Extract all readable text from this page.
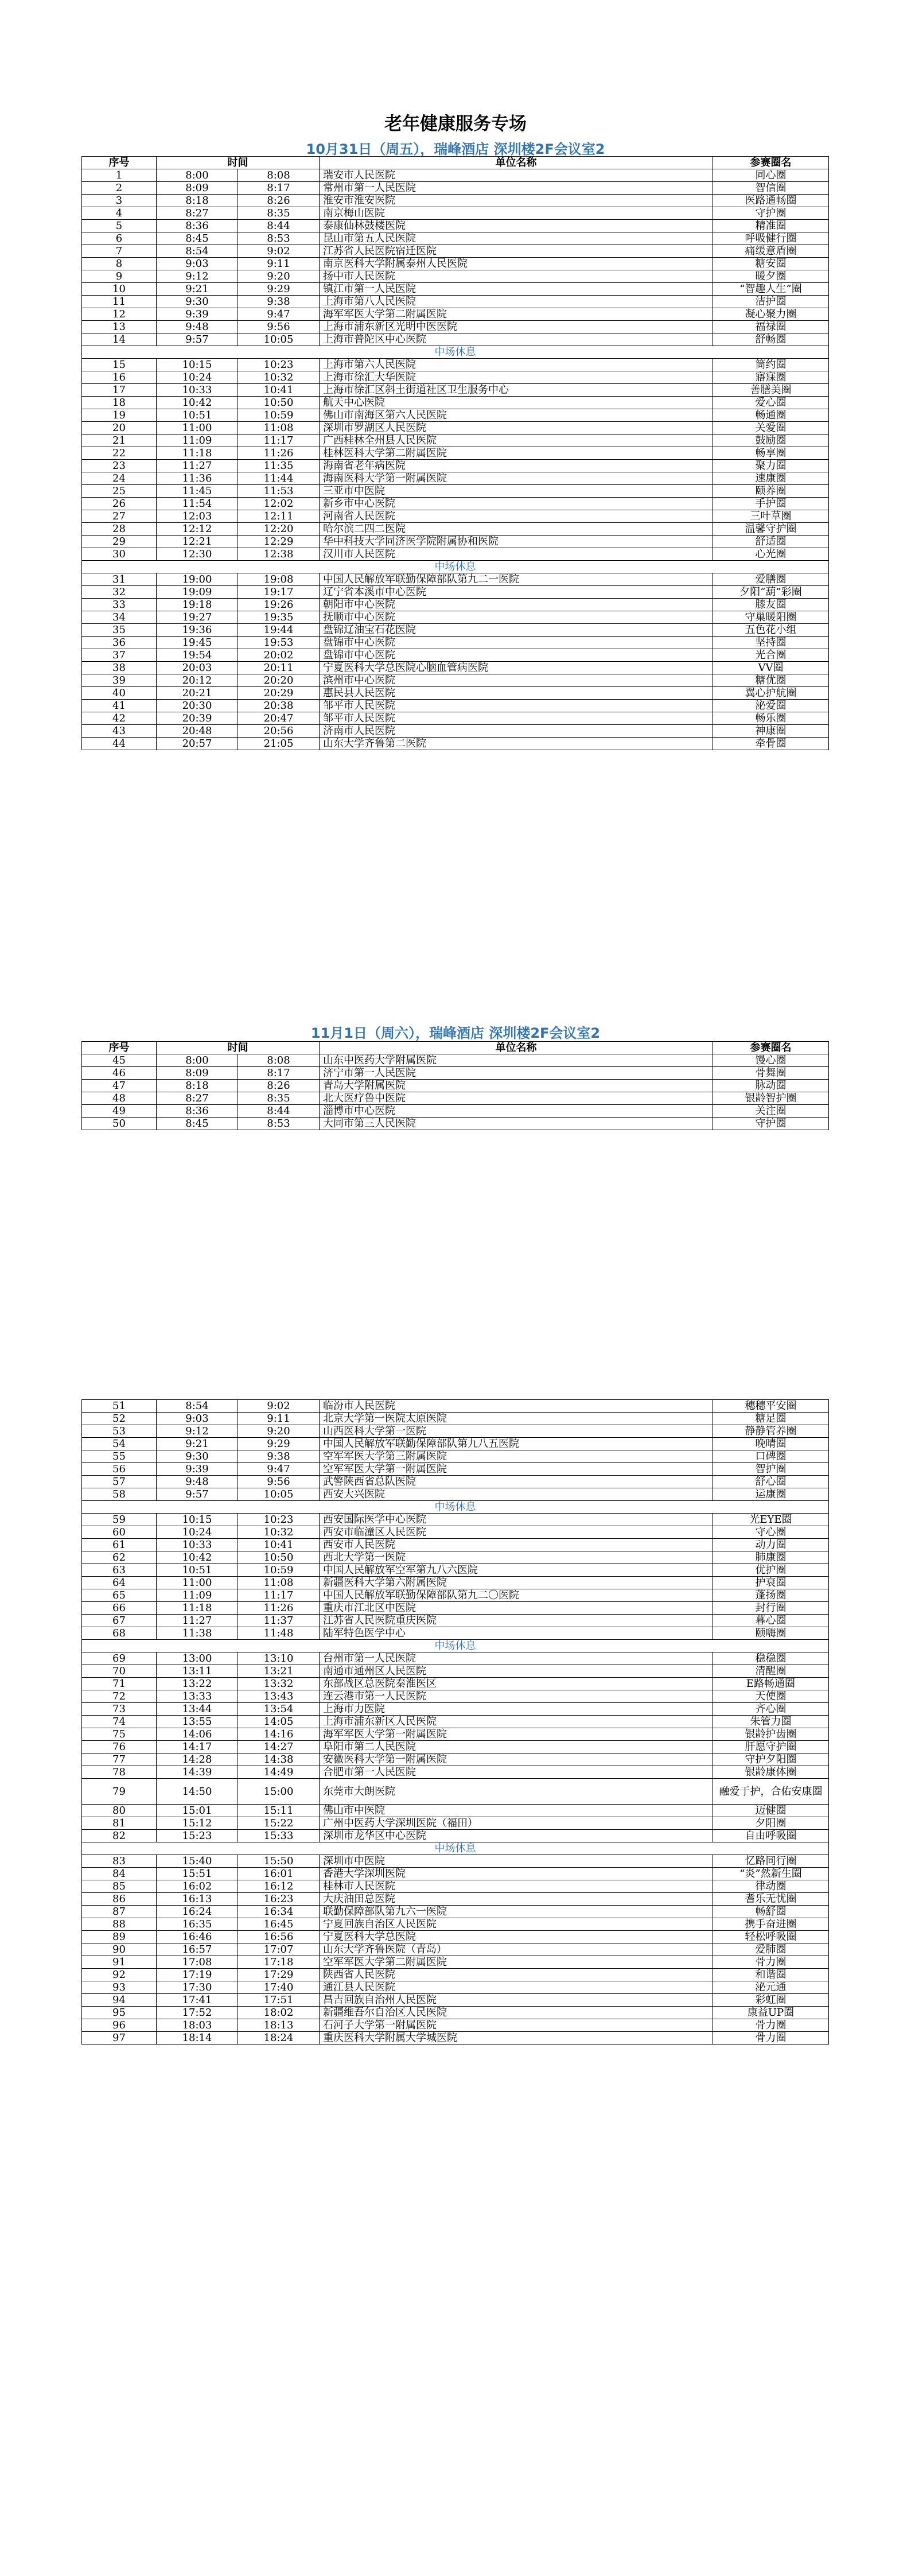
老年健康服务专场
10月31日（周五），瑞峰酒店 深圳楼2F会议室2
序号	时间		单位名称	参赛圈名
1	8:00	8:08	瑞安市人民医院	同心圈
2	8:09	8:17	常州市第一人民医院	智信圈
3	8:18	8:26	淮安市淮安医院	医路通畅圈
4	8:27	8:35	南京梅山医院	守护圈
5	8:36	8:44	泰康仙林鼓楼医院	精准圈
6	8:45	8:53	昆山市第五人民医院	呼吸健行圈
7	8:54	9:02	江苏省人民医院宿迁医院	痛缓意盾圈
8	9:03	9:11	南京医科大学附属泰州人民医院	糖安圈
9	9:12	9:20	扬中市人民医院	暖夕圈
10	9:21	9:29	镇江市第一人民医院	“智趣人生”圈
11	9:30	9:38	上海市第八人民医院	洁护圈
12	9:39	9:47	海军军医大学第二附属医院	凝心聚力圈
13	9:48	9:56	上海市浦东新区光明中医医院	福禄圈
14	9:57	10:05	上海市普陀区中心医院	舒畅圈
中场休息				
15	10:15	10:23	上海市第六人民医院	筒约圈
16	10:24	10:32	上海市徐汇大华医院	寤寐圈
17	10:33	10:41	上海市徐汇区斜土街道社区卫生服务中心	善膳美圈
18	10:42	10:50	航天中心医院	爱心圈
19	10:51	10:59	佛山市南海区第六人民医院	畅通圈
20	11:00	11:08	深圳市罗湖区人民医院	关爱圈
21	11:09	11:17	广西桂林全州县人民医院	鼓励圈
22	11:18	11:26	桂林医科大学第二附属医院	畅享圈
23	11:27	11:35	海南省老年病医院	聚力圈
24	11:36	11:44	海南医科大学第一附属医院	速康圈
25	11:45	11:53	三亚市中医院	颐养圈
26	11:54	12:02	新乡市中心医院	手护圈
27	12:03	12:11	河南省人民医院	三叶草圈
28	12:12	12:20	哈尔滨二四二医院	温馨守护圈
29	12:21	12:29	华中科技大学同济医学院附属协和医院	舒适圈
30	12:30	12:38	汉川市人民医院	心光圈
中场休息				
31	19:00	19:08	中国人民解放军联勤保障部队第九二一医院	爱膳圈
32	19:09	19:17	辽宁省本溪市中心医院	夕阳“葫”彩圈
33	19:18	19:26	朝阳市中心医院	膝友圈
34	19:27	19:35	抚顺市中心医院	守巢暖阳圈
35	19:36	19:44	盘锦辽油宝石花医院	五色花小组
36	19:45	19:53	盘锦市中心医院	坚持圈
37	19:54	20:02	盘锦市中心医院	光合圈
38	20:03	20:11	宁夏医科大学总医院心脑血管病医院	VV圈
39	20:12	20:20	滨州市中心医院	糖优圈
40	20:21	20:29	惠民县人民医院	翼心护航圈
41	20:30	20:38	邹平市人民医院	泌爱圈
42	20:39	20:47	邹平市人民医院	畅乐圈
43	20:48	20:56	济南市人民医院	神康圈
44	20:57	21:05	山东大学齐鲁第二医院	牵骨圈
11月1日（周六），瑞峰酒店 深圳楼2F会议室2
序号	时间		单位名称	参赛圈名
45	8:00	8:08	山东中医药大学附属医院	馒心圈
46	8:09	8:17	济宁市第一人民医院	骨舞圈
47	8:18	8:26	青岛大学附属医院	脉动圈
48	8:27	8:35	北大医疗鲁中医院	银龄智护圈
49	8:36	8:44	淄博市中心医院	关注圈
50	8:45	8:53	大同市第三人民医院	守护圈
51	8:54	9:02	临汾市人民医院	穗穗平安圈
52	9:03	9:11	北京大学第一医院太原医院	糖足圈
53	9:12	9:20	山西医科大学第一医院	静静管养圈
54	9:21	9:29	中国人民解放军联勤保障部队第九八五医院	晚晴圈
55	9:30	9:38	空军军医大学第三附属医院	口碑圈
56	9:39	9:47	空军军医大学第一附属医院	智护圈
57	9:48	9:56	武警陕西省总队医院	舒心圈
58	9:57	10:05	西安大兴医院	运康圈
中场休息				
59	10:15	10:23	西安国际医学中心医院	光EYE圈
60	10:24	10:32	西安市临潼区人民医院	守心圈
61	10:33	10:41	西安市人民医院	动力圈
62	10:42	10:50	西北大学第一医院	肺康圈
63	10:51	10:59	中国人民解放军空军第九八六医院	优护圈
64	11:00	11:08	新疆医科大学第六附属医院	护衰圈
65	11:09	11:17	中国人民解放军联勤保障部队第九二〇医院	蓬扬圈
66	11:18	11:26	重庆市江北区中医院	封行圈
67	11:27	11:37	江苏省人民医院重庆医院	暮心圈
68	11:38	11:48	陆军特色医学中心	颐嗨圈
中场休息				
69	13:00	13:10	台州市第一人民医院	稳稳圈
70	13:11	13:21	南通市通州区人民医院	清醒圈
71	13:22	13:32	东部战区总医院秦淮医区	E路畅通圈
72	13:33	13:43	连云港市第一人民医院	天使圈
73	13:44	13:54	上海市力医院	齐心圈
74	13:55	14:05	上海市浦东新区人民医院	朱管力圈
75	14:06	14:16	海军军医大学第一附属医院	银龄护齿圈
76	14:17	14:27	阜阳市第二人民医院	肝愿守护圈
77	14:28	14:38	安徽医科大学第一附属医院	守护夕阳圈
78	14:39	14:49	合肥市第一人民医院	银龄康体圈
79	14:50	15:00	东莞市大朗医院	融爱于护，合佑安康圈
80	15:01	15:11	佛山市中医院	迈健圈
81	15:12	15:22	广州中医药大学深圳医院（福田）	夕阳圈
82	15:23	15:33	深圳市龙华区中心医院	自由呼吸圈
中场休息				
83	15:40	15:50	深圳市中医院	忆路同行圈
84	15:51	16:01	香港大学深圳医院	“炎”然新生圈
85	16:02	16:12	桂林市人民医院	律动圈
86	16:13	16:23	大庆油田总医院	耆乐无忧圈
87	16:24	16:34	联勤保障部队第九六一医院	畅舒圈
88	16:35	16:45	宁夏回族自治区人民医院	携手奋进圈
89	16:46	16:56	宁夏医科大学总医院	轻松呼吸圈
90	16:57	17:07	山东大学齐鲁医院（青岛）	爱肺圈
91	17:08	17:18	空军军医大学第二附属医院	骨力圈
92	17:19	17:29	陕西省人民医院	和谐圈
93	17:30	17:40	通江县人民医院	泌元通
94	17:41	17:51	昌吉回族自治州人民医院	彩虹圈
95	17:52	18:02	新疆维吾尔自治区人民医院	康益UP圈
96	18:03	18:13	石河子大学第一附属医院	骨力圈
97	18:14	18:24	重庆医科大学附属大学城医院	骨力圈
